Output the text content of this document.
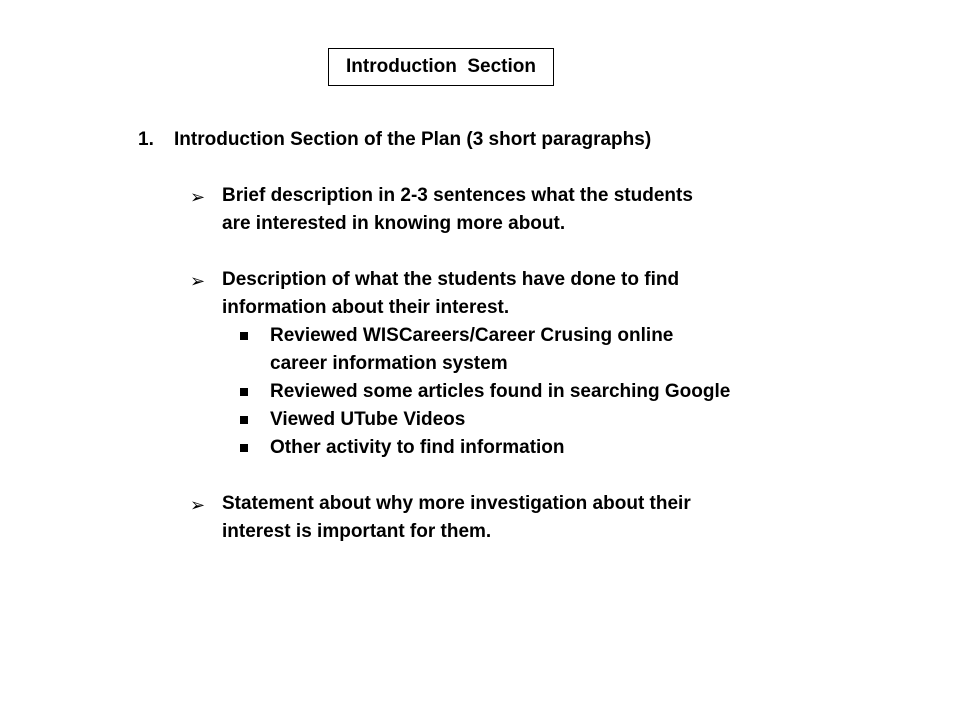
Introduction  Section
1.	Introduction Section of the Plan (3 short paragraphs)
➢ Brief description in 2-3 sentences what the students
are interested in knowing more about.
➢ Description of what the students have done to find
information about their interest.
Reviewed WISCareers/Career Crusing online
career information system
Reviewed some articles found in searching Google
Viewed UTube Videos
Other activity to find information
➢ Statement about why more investigation about their
interest is important for them.
